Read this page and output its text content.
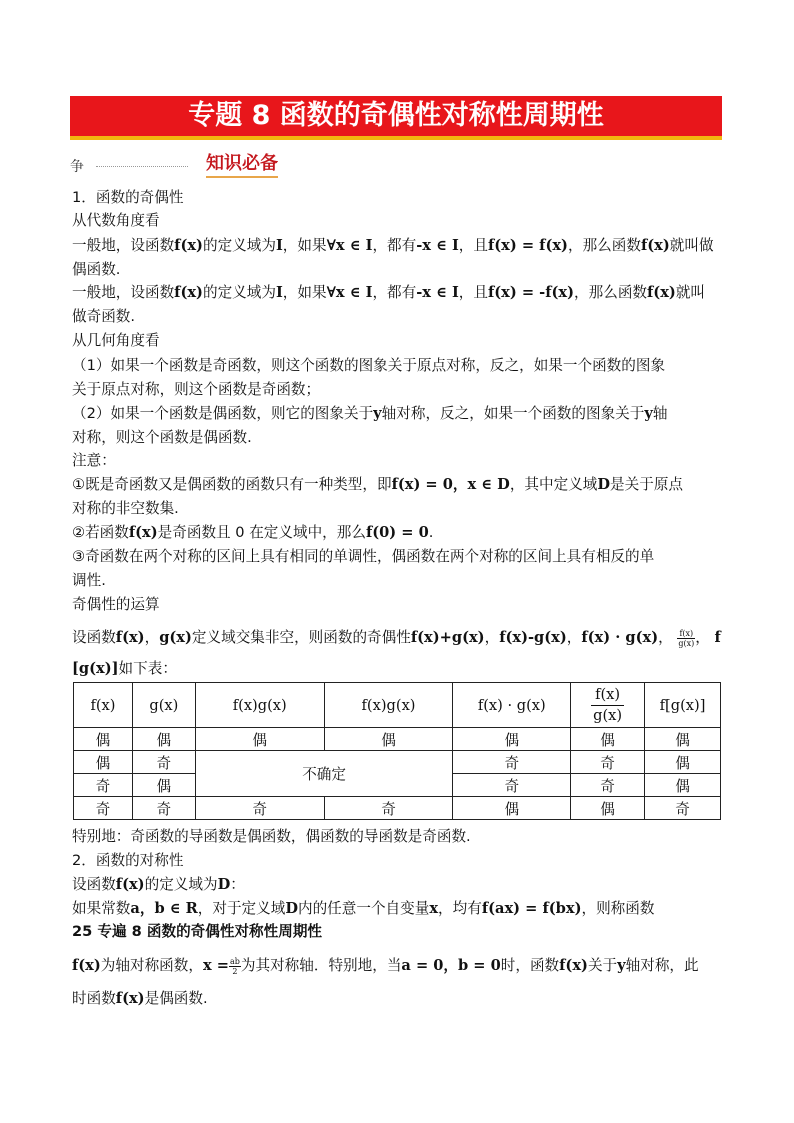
专题 8 函数的奇偶性对称性周期性
争	知识必备
1．函数的奇偶性
从代数角度看
一般地，设函数f(x)的定义域为I，如果∀x ∈ I，都有-x ∈ I，且f(x) = f(x)，那么函数f(x)就叫做
偶函数.
一般地，设函数f(x)的定义域为I，如果∀x ∈ I，都有-x ∈ I，且f(x) = -f(x)，那么函数f(x)就叫
做奇函数.
从几何角度看
（1）如果一个函数是奇函数，则这个函数的图象关于原点对称，反之，如果一个函数的图象
关于原点对称，则这个函数是奇函数；
（2）如果一个函数是偶函数，则它的图象关于y轴对称，反之，如果一个函数的图象关于y轴
对称，则这个函数是偶函数.
注意：
①既是奇函数又是偶函数的函数只有一种类型，即f(x) = 0，x ∈ D，其中定义域D是关于原点
对称的非空数集.
②若函数f(x)是奇函数且 0 在定义域中，那么f(0) = 0.
③奇函数在两个对称的区间上具有相同的单调性，偶函数在两个对称的区间上具有相反的单
调性.
奇偶性的运算
设函数f(x)，g(x)定义域交集非空，则函数的奇偶性f(x)+g(x)，f(x)-g(x)，f(x) · g(x)， $\frac{f(x)}{g(x)}$ ， f
[g(x)]如下表：
f(x)	g(x)	f(x)g(x)	f(x)g(x)	f(x) · g(x)	$\frac{f(x)}{g(x)}$	f[g(x)]
偶	偶	偶	偶	偶	偶	偶
偶	奇	不确定		奇	奇	偶
奇	偶			奇	奇	偶
奇	奇	奇	奇	偶	偶	奇
特别地：奇函数的导函数是偶函数，偶函数的导函数是奇函数.
2．函数的对称性
设函数f(x)的定义域为D：
如果常数a，b ∈ R，对于定义域D内的任意一个自变量x，均有f(ax) = f(bx)，则称函数
25 专遍 8 函数的奇偶性对称性周期性
f(x)为轴对称函数，$x = \frac{ab}{2}$ 为其对称轴．特别地，当a = 0，b = 0时，函数f(x)关于y轴对称，此
时函数f(x)是偶函数.
